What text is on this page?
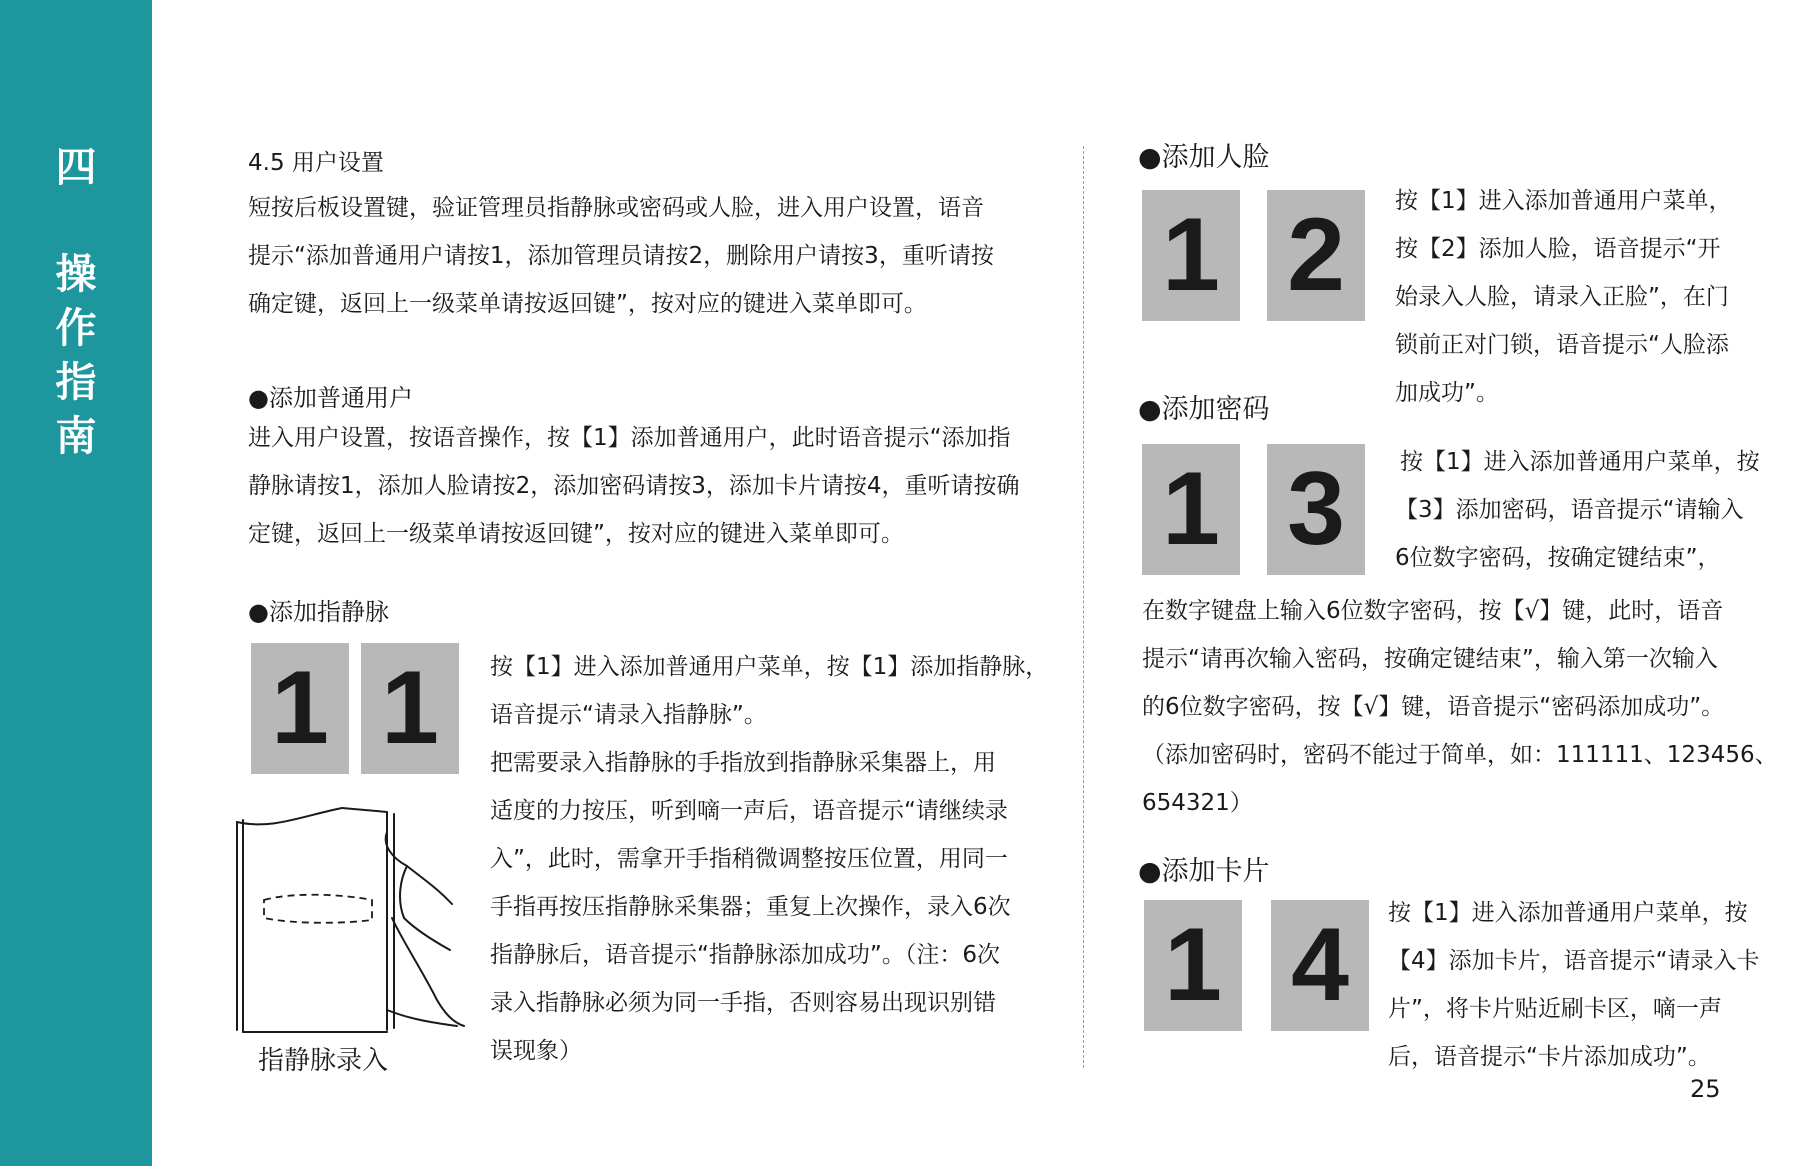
四
操
作
指
南
4.5 用户设置
短按后板设置键，验证管理员指静脉或密码或人脸，进入用户设置，语音
提示“添加普通用户请按1，添加管理员请按2，删除用户请按3，重听请按
确定键，返回上一级菜单请按返回键”，按对应的键进入菜单即可。
●添加普通用户
进入用户设置，按语音操作，按【1】添加普通用户，此时语音提示“添加指
静脉请按1，添加人脸请按2，添加密码请按3，添加卡片请按4，重听请按确
定键，返回上一级菜单请按返回键”，按对应的键进入菜单即可。
●添加指静脉
1 1	按【1】进入添加普通用户菜单，按【1】添加指静脉，
语音提示“请录入指静脉”。
把需要录入指静脉的手指放到指静脉采集器上，用
适度的力按压，听到嘀一声后，语音提示“请继续录
入”，此时，需拿开手指稍微调整按压位置，用同一
手指再按压指静脉采集器；重复上次操作，录入6次
指静脉后，语音提示“指静脉添加成功”。（注：6次
录入指静脉必须为同一手指，否则容易出现识别错
误现象）
指静脉录入
●添加人脸
1 2	按【1】进入添加普通用户菜单，
按【2】添加人脸，语音提示“开
始录入人脸，请录入正脸”，在门
锁前正对门锁，语音提示“人脸添
加成功”。
●添加密码
1 3	按【1】进入添加普通用户菜单，按
【3】添加密码，语音提示“请输入
6位数字密码，按确定键结束”，
在数字键盘上输入6位数字密码，按【√】键，此时，语音
提示“请再次输入密码，按确定键结束”，输入第一次输入
的6位数字密码，按【√】键，语音提示“密码添加成功”。
（添加密码时，密码不能过于简单，如：111111、123456、
654321）
●添加卡片
1 4	按【1】进入添加普通用户菜单，按
【4】添加卡片，语音提示“请录入卡
片”，将卡片贴近刷卡区，嘀一声
后，语音提示“卡片添加成功”。
25
